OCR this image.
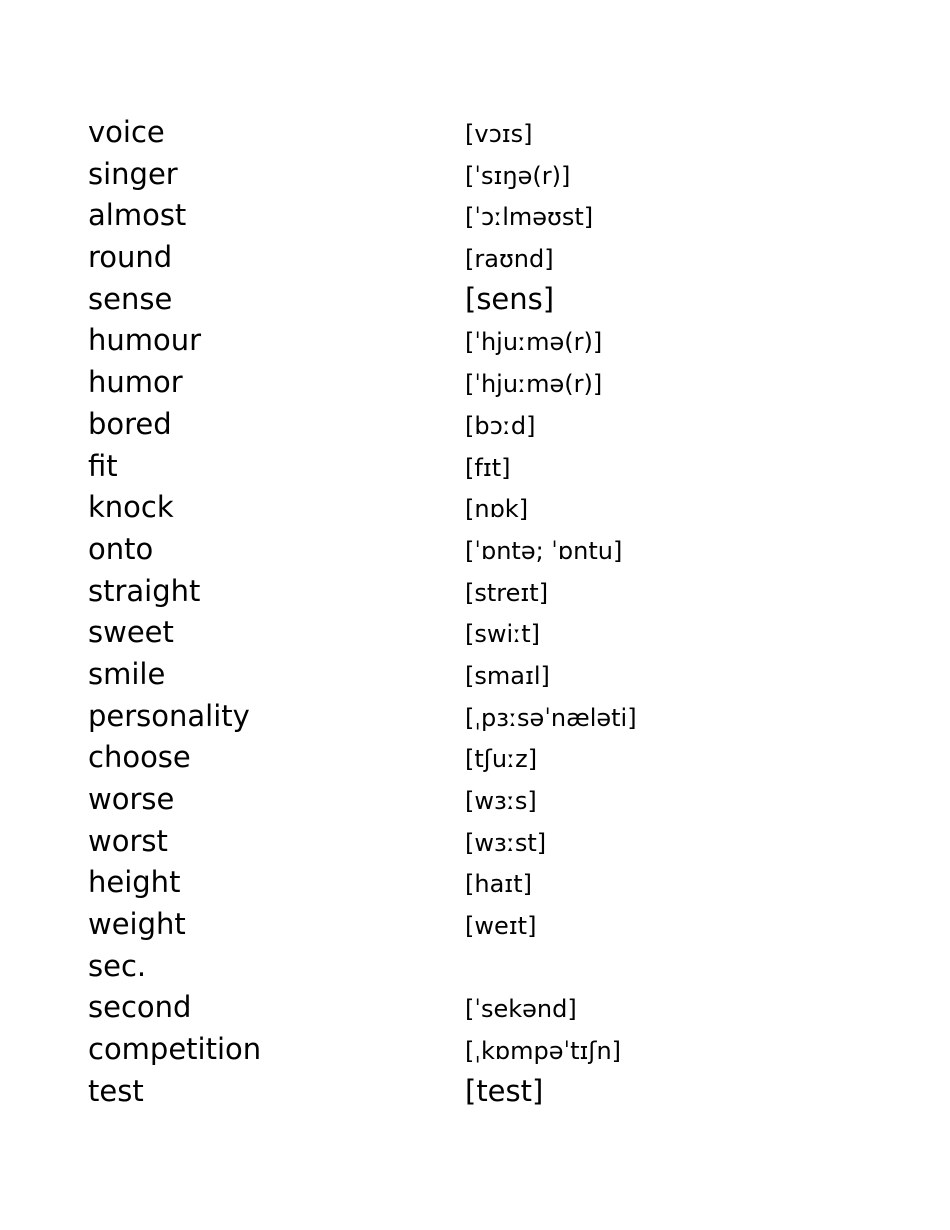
voice	[vɔɪs]
singer	[ˈsɪŋə(r)]
almost	[ˈɔːlməʊst]
round	[raʊnd]
sense	[sens]
humour	[ˈhjuːmə(r)]
humor	[ˈhjuːmə(r)]
bored	[bɔːd]
fit	[fɪt]
knock	[nɒk]
onto	[ˈɒntə; ˈɒntu]
straight	[streɪt]
sweet	[swiːt]
smile	[smaɪl]
personality	[ˌpɜːsəˈnæləti]
choose	[tʃuːz]
worse	[wɜːs]
worst	[wɜːst]
height	[haɪt]
weight	[weɪt]
sec.
second	[ˈsekənd]
competition	[ˌkɒmpəˈtɪʃn]
test	[test]
